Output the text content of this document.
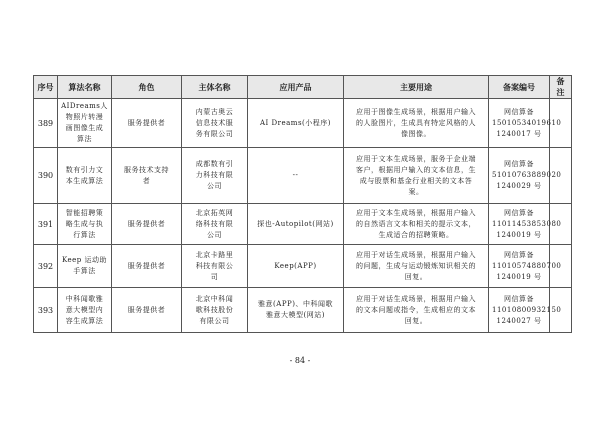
序号	算法名称	角色	主体名称	应用产品	主要用途	备案编号	备注
389	AIDreams人
物照片转漫
画图像生成
算法	服务提供者	内蒙古奥云
信息技术服
务有限公司	AI Dreams(小程序)	应用于图像生成场景，根据用户输入
的人脸图片，生成具有特定风格的人
像图像。	网信算备
15010534019610
1240017 号	

390	数有引力文
本生成算法	服务技术支持
者	成都数有引
力科技有限
公司	--	应用于文本生成场景，服务于企业端
客户，根据用户输入的文本信息，生
成与股票和基金行业相关的文本答
案。	网信算备
51010763889020
1240029 号	

391	智能招聘策
略生成与执
行算法	服务提供者	北京拓英网
络科技有限
公司	探也-Autopilot(网站)	应用于文本生成场景，根据用户输入
的自然语言文本和相关的提示文本，
生成适合的招聘策略。	网信算备
11011453853080
1240019 号	

392	Keep 运动助
手算法	服务提供者	北京卡路里
科技有限公
司	Keep(APP)	应用于对话生成场景，根据用户输入
的问题，生成与运动锻炼知识相关的
回复。	网信算备
11010574880700
1240019 号	

393	中科闻歌雅
意大模型内
容生成算法	服务提供者	北京中科闻
歌科技股份
有限公司	雅意(APP)、中科闻歌
雅意大模型(网站)	应用于对话生成场景，根据用户输入
的文本问题或指令，生成相应的文本
回复。	网信算备
11010800932150
1240027 号	

- 84 -
